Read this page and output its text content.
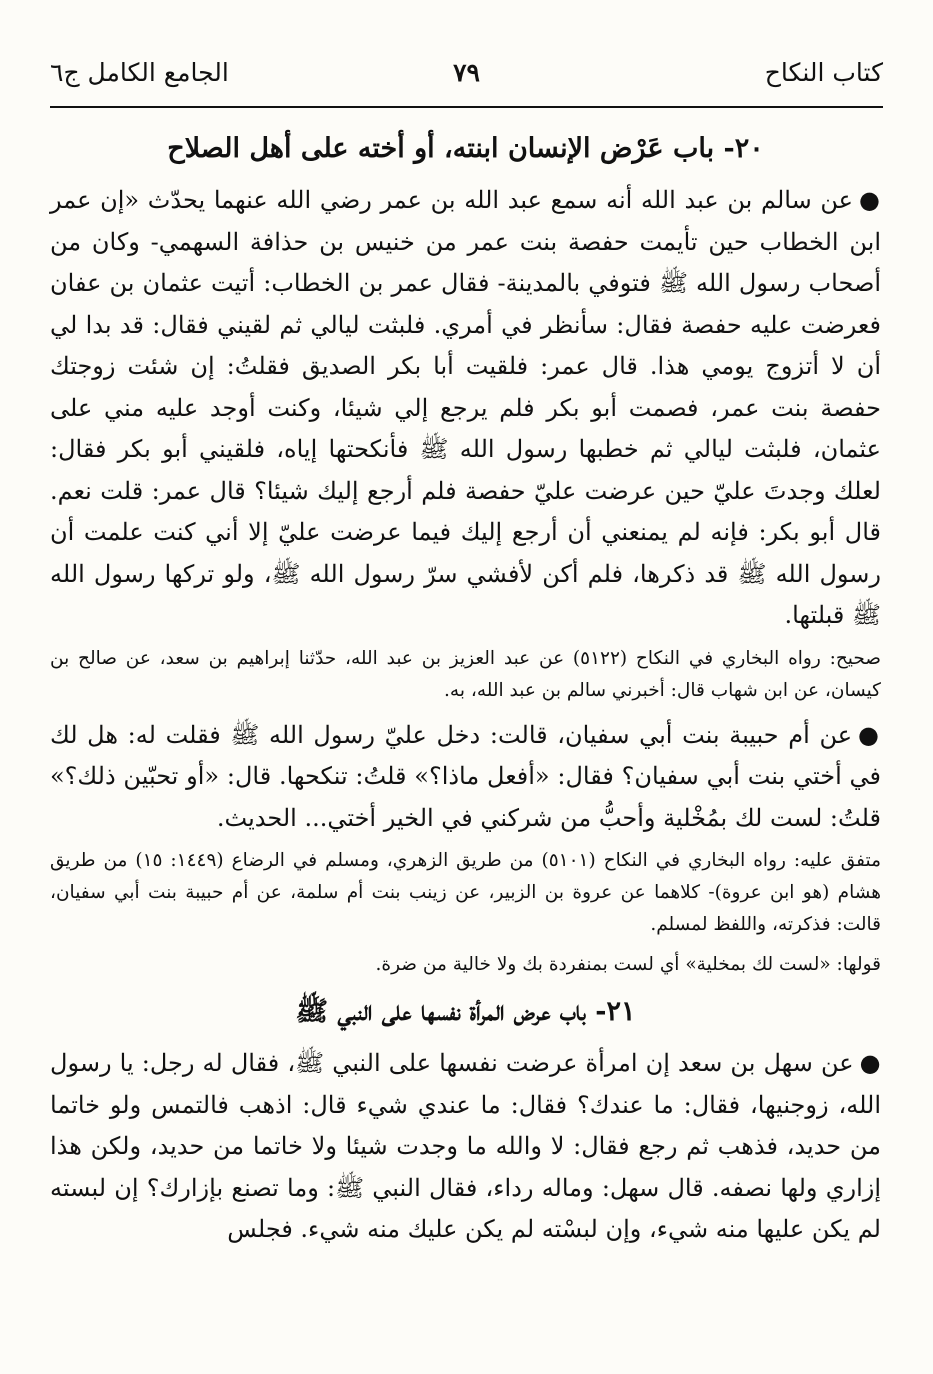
كتاب النكاح
٧٩
الجامع الكامل ج٦
٢٠- باب عَرْض الإنسان ابنته، أو أخته على أهل الصلاح

●عن سالم بن عبد الله أنه سمع عبد الله بن عمر رضي الله عنهما يحدّث «إن عمر ابن الخطاب حين تأيمت حفصة بنت عمر من خنيس بن حذافة السهمي- وكان من أصحاب رسول الله ﷺ فتوفي بالمدينة- فقال عمر بن الخطاب: أتيت عثمان بن عفان فعرضت عليه حفصة فقال: سأنظر في أمري. فلبثت ليالي ثم لقيني فقال: قد بدا لي أن لا أتزوج يومي هذا. قال عمر: فلقيت أبا بكر الصديق فقلتُ: إن شئت زوجتك حفصة بنت عمر، فصمت أبو بكر فلم يرجع إلي شيئا، وكنت أوجد عليه مني على عثمان، فلبثت ليالي ثم خطبها رسول الله ﷺ فأنكحتها إياه، فلقيني أبو بكر فقال: لعلك وجدتَ عليّ حين عرضت عليّ حفصة فلم أرجع إليك شيئا؟ قال عمر: قلت نعم. قال أبو بكر: فإنه لم يمنعني أن أرجع إليك فيما عرضت عليّ إلا أني كنت علمت أن رسول الله ﷺ قد ذكرها، فلم أكن لأفشي سرّ رسول الله ﷺ، ولو تركها رسول الله ﷺ قبلتها.

صحيح: رواه البخاري في النكاح (٥١٢٢) عن عبد العزيز بن عبد الله، حدّثنا إبراهيم بن سعد، عن صالح بن كيسان، عن ابن شهاب قال: أخبرني سالم بن عبد الله، به.

●عن أم حبيبة بنت أبي سفيان، قالت: دخل عليّ رسول الله ﷺ فقلت له: هل لك في أختي بنت أبي سفيان؟ فقال: «أفعل ماذا؟» قلتُ: تنكحها. قال: «أو تحبّين ذلك؟» قلتُ: لست لك بمُخْلية وأحبُّ من شركني في الخير أختي... الحديث.

متفق عليه: رواه البخاري في النكاح (٥١٠١) من طريق الزهري، ومسلم في الرضاع (١٤٤٩: ١٥) من طريق هشام (هو ابن عروة)- كلاهما عن عروة بن الزبير، عن زينب بنت أم سلمة، عن أم حبيبة بنت أبي سفيان، قالت: فذكرته، واللفظ لمسلم.

قولها: «لست لك بمخلية» أي لست بمنفردة بك ولا خالية من ضرة.

٢١- باب عرض المرأة نفسها على النبي ﷺ

●عن سهل بن سعد إن امرأة عرضت نفسها على النبي ﷺ، فقال له رجل: يا رسول الله، زوجنيها، فقال: ما عندك؟ فقال: ما عندي شيء قال: اذهب فالتمس ولو خاتما من حديد، فذهب ثم رجع فقال: لا والله ما وجدت شيئا ولا خاتما من حديد، ولكن هذا إزاري ولها نصفه. قال سهل: وماله رداء، فقال النبي ﷺ: وما تصنع بإزارك؟ إن لبسته لم يكن عليها منه شيء، وإن لبسْته لم يكن عليك منه شيء. فجلس
